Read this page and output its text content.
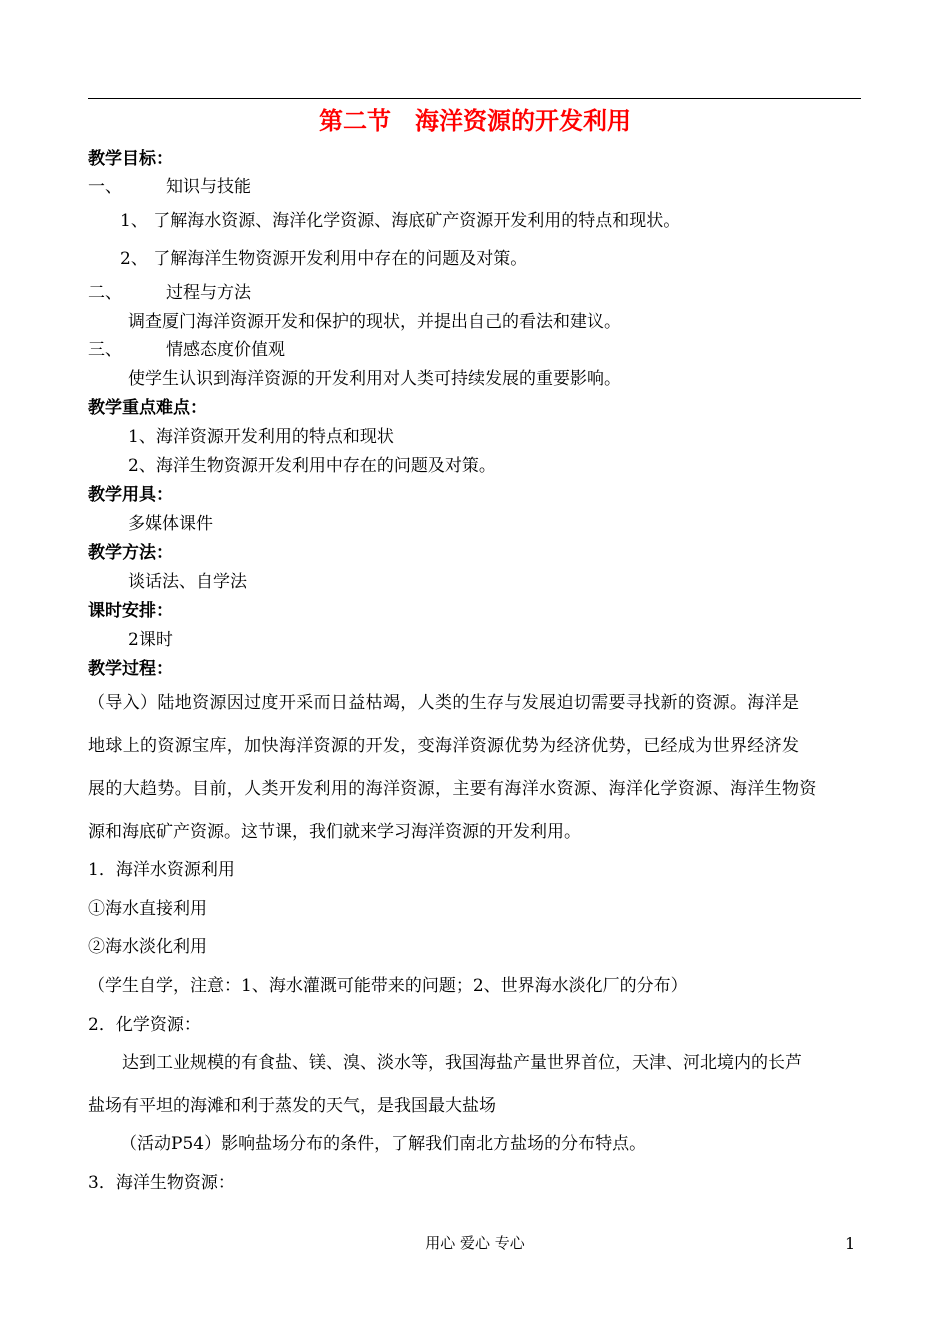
第二节　海洋资源的开发利用
教学目标：
一、	知识与技能
1、 了解海水资源、海洋化学资源、海底矿产资源开发利用的特点和现状。
2、 了解海洋生物资源开发利用中存在的问题及对策。
二、	过程与方法
调查厦门海洋资源开发和保护的现状，并提出自己的看法和建议。
三、	情感态度价值观
使学生认识到海洋资源的开发利用对人类可持续发展的重要影响。
教学重点难点：
1、海洋资源开发利用的特点和现状
2、海洋生物资源开发利用中存在的问题及对策。
教学用具：
多媒体课件
教学方法：
谈话法、自学法
课时安排：
2课时
教学过程：
（导入）陆地资源因过度开采而日益枯竭，人类的生存与发展迫切需要寻找新的资源。海洋是
地球上的资源宝库，加快海洋资源的开发，变海洋资源优势为经济优势，已经成为世界经济发
展的大趋势。目前，人类开发利用的海洋资源，主要有海洋水资源、海洋化学资源、海洋生物资
源和海底矿产资源。这节课，我们就来学习海洋资源的开发利用。
1．海洋水资源利用
①海水直接利用
②海水淡化利用
（学生自学，注意：1、海水灌溉可能带来的问题；2、世界海水淡化厂的分布）
2．化学资源：
达到工业规模的有食盐、镁、溴、淡水等，我国海盐产量世界首位，天津、河北境内的长芦
盐场有平坦的海滩和利于蒸发的天气，是我国最大盐场
（活动P54）影响盐场分布的条件，了解我们南北方盐场的分布特点。
3．海洋生物资源：
用心 爱心 专心	1
